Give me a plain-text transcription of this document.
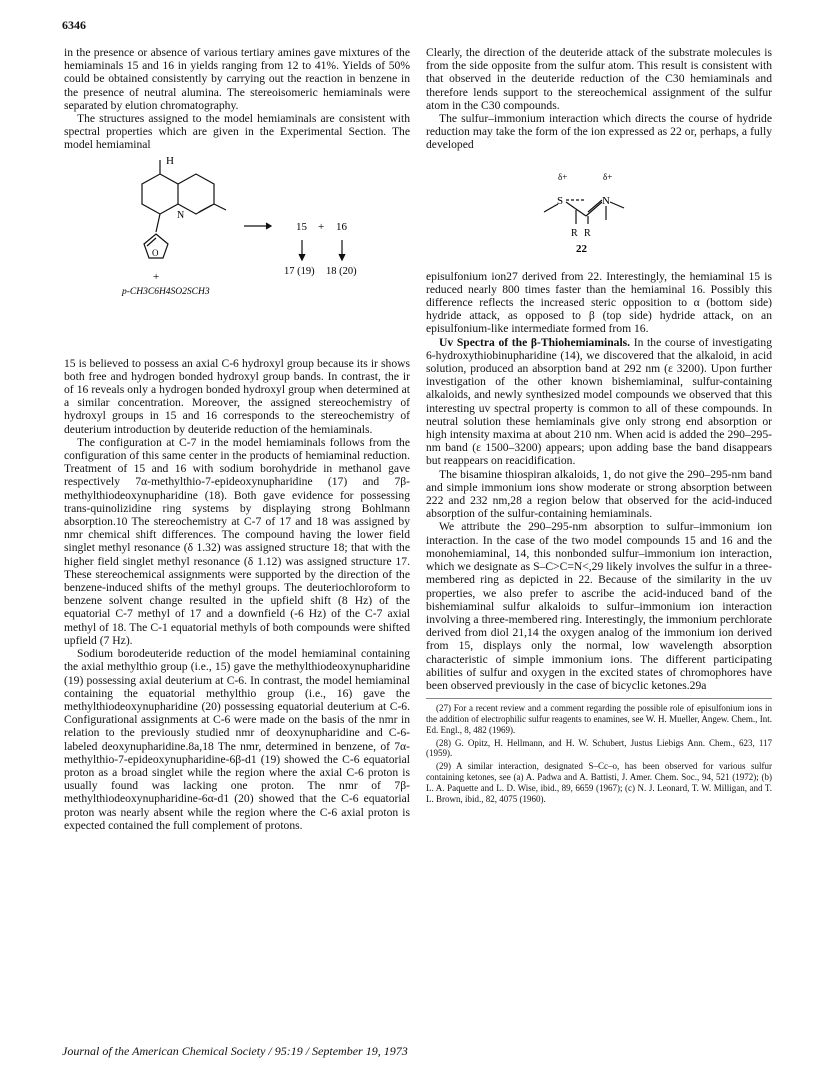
6346

in the presence or absence of various tertiary amines gave mixtures of the hemiaminals 15 and 16 in yields ranging from 12 to 41%. Yields of 50% could be obtained consistently by carrying out the reaction in benzene in the presence of neutral alumina. The stereoisomeric hemiaminals were separated by elution chromatography.

The structures assigned to the model hemiaminals are consistent with spectral properties which are given in the Experimental Section. The model hemiaminal

H
N
O
+
p-CH3C6H4SO2SCH3
15 + 16
17 (19) 18 (20)

15 is believed to possess an axial C-6 hydroxyl group because its ir shows both free and hydrogen bonded hydroxyl group bands. In contrast, the ir of 16 reveals only a hydrogen bonded hydroxyl group when determined at a similar concentration. Moreover, the assigned stereochemistry of hydroxyl groups in 15 and 16 corresponds to the stereochemistry of deuterium introduction by deuteride reduction of the hemiaminals.

The configuration at C-7 in the model hemiaminals follows from the configuration of this same center in the products of hemiaminal reduction. Treatment of 15 and 16 with sodium borohydride in methanol gave respectively 7α-methylthio-7-epideoxynupharidine (17) and 7β-methylthiodeoxynupharidine (18). Both gave evidence for possessing trans-quinolizidine ring systems by displaying strong Bohlmann absorption.10 The stereochemistry at C-7 of 17 and 18 was assigned by nmr chemical shift differences. The compound having the lower field singlet methyl resonance (δ 1.32) was assigned structure 18; that with the higher field singlet methyl resonance (δ 1.12) was assigned structure 17. These stereochemical assignments were supported by the direction of the benzene-induced shifts of the methyl groups. The deuteriochloroform to benzene solvent change resulted in the upfield shift (8 Hz) of the equatorial C-7 methyl of 17 and a downfield (-6 Hz) of the C-7 axial methyl of 18. The C-1 equatorial methyls of both compounds were shifted upfield (7 Hz).

Sodium borodeuteride reduction of the model hemiaminal containing the axial methylthio group (i.e., 15) gave the methylthiodeoxynupharidine (19) possessing axial deuterium at C-6. In contrast, the model hemiaminal containing the equatorial methylthio group (i.e., 16) gave the methylthiodeoxynupharidine (20) possessing equatorial deuterium at C-6. Configurational assignments at C-6 were made on the basis of the nmr in relation to the previously studied nmr of deoxynupharidine and C-6-labeled deoxynupharidine.8a,18 The nmr, determined in benzene, of 7α-methylthio-7-epideoxynupharidine-6β-d1 (19) showed the C-6 equatorial proton as a broad singlet while the region where the axial C-6 proton is usually found was lacking one proton. The nmr of 7β-methylthiodeoxynupharidine-6α-d1 (20) showed that the C-6 equatorial proton was nearly absent while the region where the C-6 axial proton is expected contained the full complement of protons.

Clearly, the direction of the deuteride attack of the substrate molecules is from the side opposite from the sulfur atom. This result is consistent with that observed in the deuteride reduction of the C30 hemiaminals and therefore lends support to the stereochemical assignment of the sulfur atom in the C30 compounds.

The sulfur–immonium interaction which directs the course of hydride reduction may take the form of the ion expressed as 22 or, perhaps, a fully developed

δ+	δ+
S	N
R R
22

episulfonium ion27 derived from 22. Interestingly, the hemiaminal 15 is reduced nearly 800 times faster than the hemiaminal 16. Possibly this difference reflects the increased steric opposition to α (bottom side) hydride attack, as opposed to β (top side) hydride attack, on an episulfonium-like intermediate formed from 16.

Uv Spectra of the β-Thiohemiaminals. In the course of investigating 6-hydroxythiobinupharidine (14), we discovered that the alkaloid, in acid solution, produced an absorption band at 292 nm (ε 3200). Upon further investigation of the other known bishemiaminal, sulfur-containing alkaloids, and newly synthesized model compounds we observed that this interesting uv spectral property is common to all of these compounds. In neutral solution these hemiaminals give only strong end absorption or high intensity maxima at about 210 nm. When acid is added the 290–295-nm band (ε 1500–3200) appears; upon adding base the band disappears but reappears on reacidification.

The bisamine thiospiran alkaloids, 1, do not give the 290–295-nm band and simple immonium ions show moderate or strong absorption between 222 and 232 nm,28 a region below that observed for the acid-induced absorption of the sulfur-containing hemiaminals.

We attribute the 290–295-nm absorption to sulfur–immonium ion interaction. In the case of the two model compounds 15 and 16 and the monohemiaminal, 14, this nonbonded sulfur–immonium ion interaction, which we designate as S–C>C=N<,29 likely involves the sulfur in a three-membered ring as depicted in 22. Because of the similarity in the uv properties, we also prefer to ascribe the acid-induced band of the bishemiaminal sulfur alkaloids to sulfur–immonium ion interaction involving a three-membered ring. Interestingly, the immonium perchlorate derived from diol 21,14 the oxygen analog of the immonium ion derived from 15, displays only the normal, low wavelength absorption characteristic of simple immonium ions. The different participating abilities of sulfur and oxygen in the excited states of chromophores have been observed previously in the case of bicyclic ketones.29a

(27) For a recent review and a comment regarding the possible role of episulfonium ions in the addition of electrophilic sulfur reagents to enamines, see W. H. Mueller, Angew. Chem., Int. Ed. Engl., 8, 482 (1969).

(28) G. Opitz, H. Hellmann, and H. W. Schubert, Justus Liebigs Ann. Chem., 623, 117 (1959).

(29) A similar interaction, designated S–Cc–o, has been observed for various sulfur containing ketones, see (a) A. Padwa and A. Battisti, J. Amer. Chem. Soc., 94, 521 (1972); (b) L. A. Paquette and L. D. Wise, ibid., 89, 6659 (1967); (c) N. J. Leonard, T. W. Milligan, and T. L. Brown, ibid., 82, 4075 (1960).

Journal of the American Chemical Society / 95:19 / September 19, 1973
